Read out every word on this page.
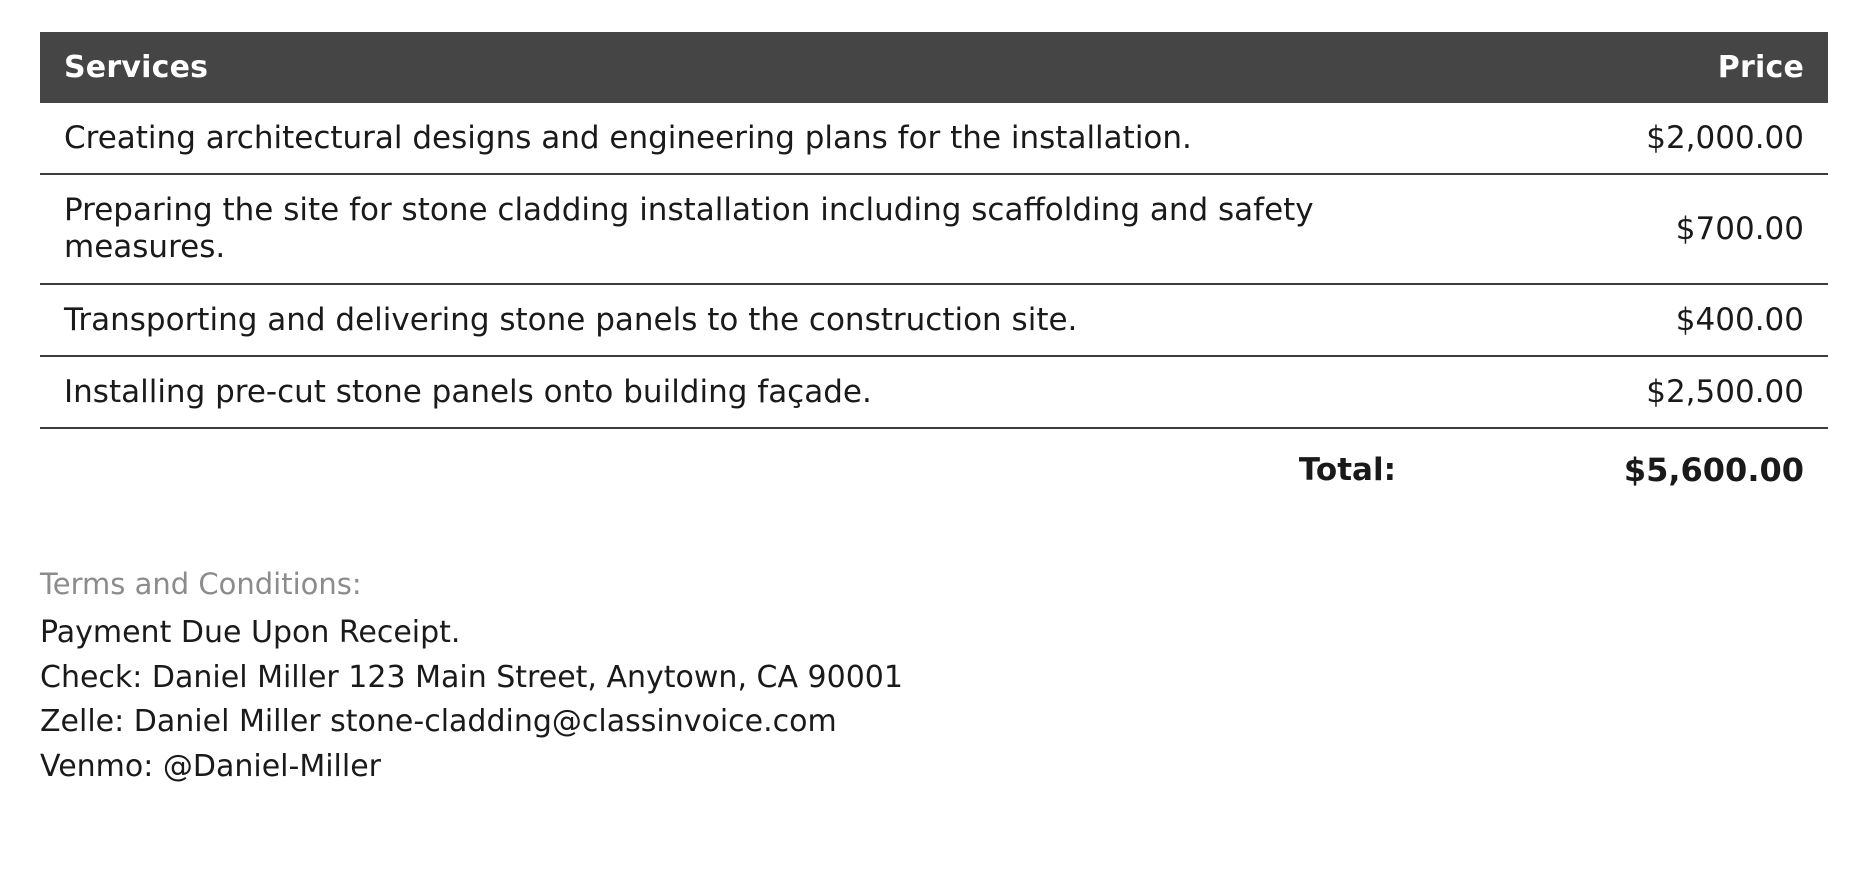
Services	Price
Creating architectural designs and engineering plans for the installation.	$2,000.00
Preparing the site for stone cladding installation including scaffolding and safety measures.	$700.00
Transporting and delivering stone panels to the construction site.	$400.00
Installing pre-cut stone panels onto building façade.	$2,500.00
Total:	$5,600.00
Terms and Conditions:
Payment Due Upon Receipt.
Check: Daniel Miller 123 Main Street, Anytown, CA 90001
Zelle: Daniel Miller stone-cladding@classinvoice.com
Venmo: @Daniel-Miller
